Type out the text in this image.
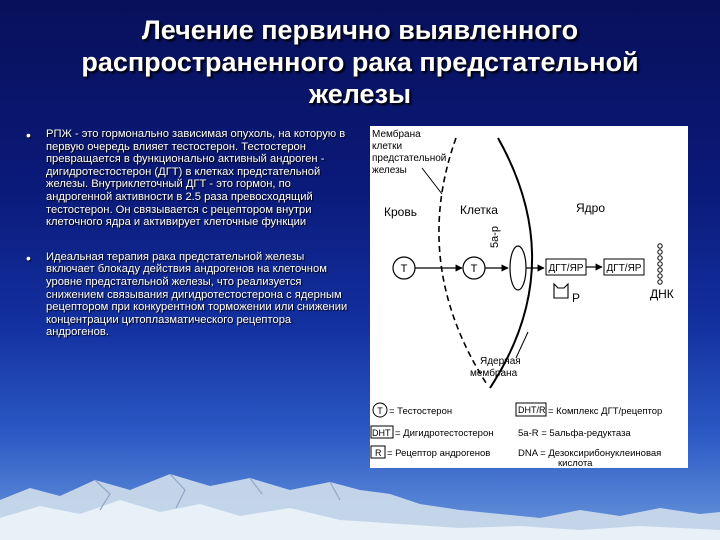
Лечение первично выявленного
распространенного рака предстательной
железы
•	РПЖ - это гормонально зависимая опухоль, на которую в первую очередь влияет тестостерон. Тестостерон превращается в функционально активный андроген - дигидротестостерон (ДГТ) в клетках предстательной железы. Внутриклеточный ДГТ - это гормон, по андрогенной активности в 2.5 раза превосходящий тестостерон. Он связывается с рецептором внутри клеточного ядра и активирует клеточные функции
•	Идеальная терапия рака предстательной железы включает блокаду действия андрогенов на клеточном уровне предстательной железы, что реализуется снижением связывания дигидротестостерона с ядерным рецептором при конкурентном торможении или снижении концентрации цитоплазматического рецептора андрогенов.
Мембрана клетки предстательной железы
Кровь	Клетка	Ядро
5a-р
Т	Т	ДГТ/ЯР ДГТ/ЯР
ДНК
Р
Ядерная мембрана
Т = Тестостерон	DHT/R = Комплекс ДГТ/рецептор
DHT = Дигидротестостерон	5a-R = 5альфа-редуктаза
R = Рецептор андрогенов	DNA = Дезоксирибонуклеиновая
кислота
